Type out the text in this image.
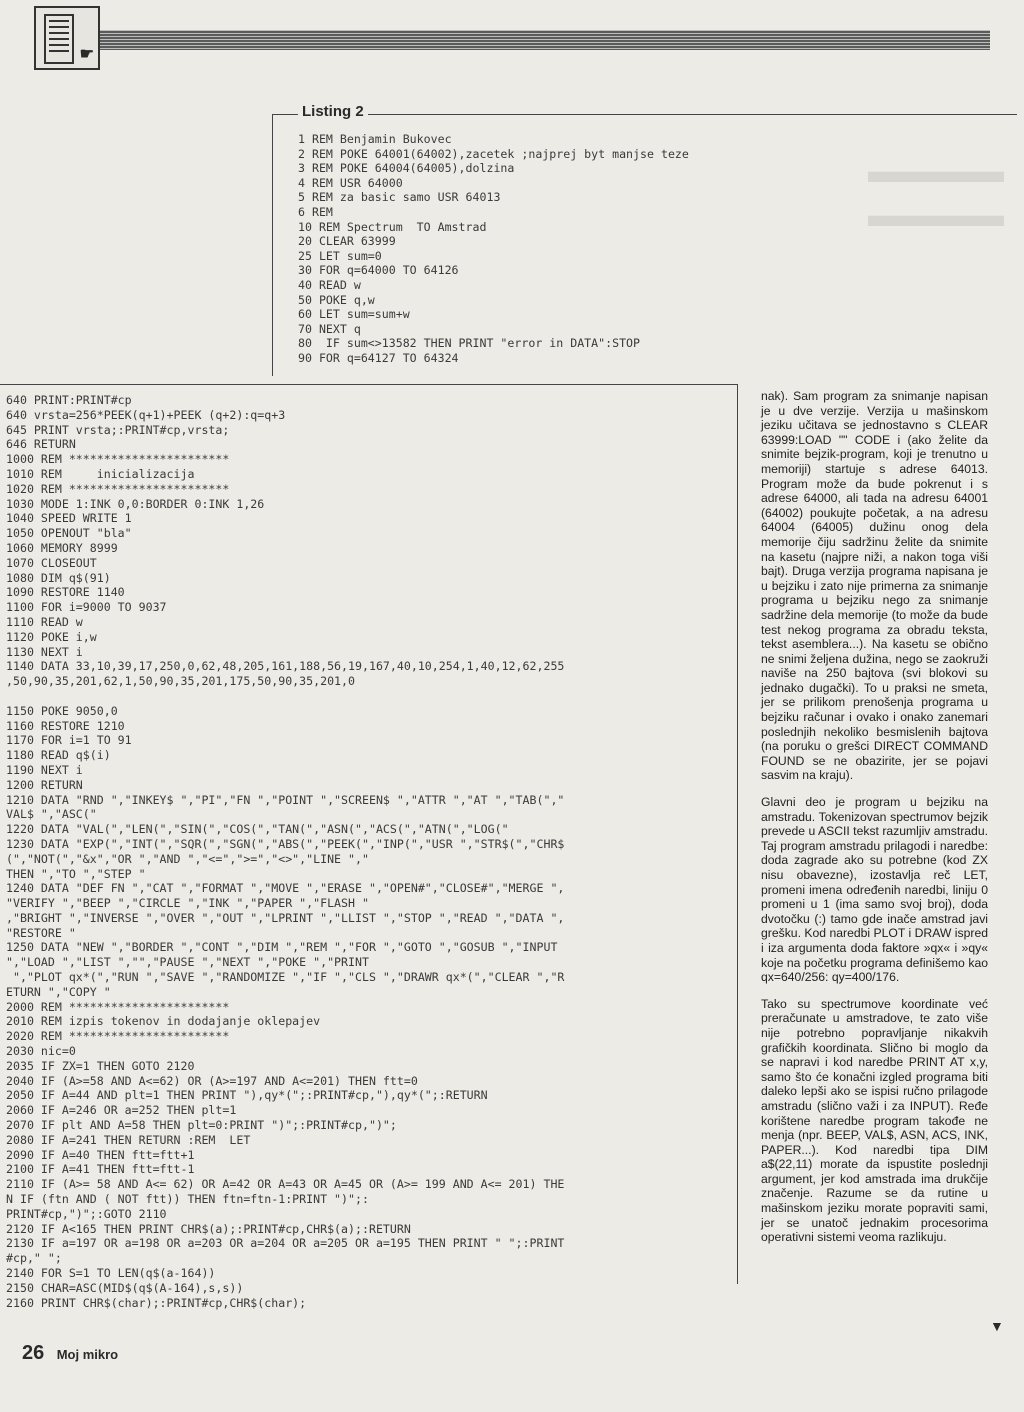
☛
▬▬▬▬
▬▬▬▬
Listing 2
1 REM Benjamin Bukovec
2 REM POKE 64001(64002),zacetek ;najprej byt manjse teze
3 REM POKE 64004(64005),dolzina
4 REM USR 64000
5 REM za basic samo USR 64013
6 REM
10 REM Spectrum  TO Amstrad
20 CLEAR 63999
25 LET sum=0
30 FOR q=64000 TO 64126
40 READ w
50 POKE q,w
60 LET sum=sum+w
70 NEXT q
80  IF sum<>13582 THEN PRINT "error in DATA":STOP
90 FOR q=64127 TO 64324
640 PRINT:PRINT#cp
640 vrsta=256*PEEK(q+1)+PEEK (q+2):q=q+3
645 PRINT vrsta;:PRINT#cp,vrsta;
646 RETURN
1000 REM ***********************
1010 REM     inicializacija
1020 REM ***********************
1030 MODE 1:INK 0,0:BORDER 0:INK 1,26
1040 SPEED WRITE 1
1050 OPENOUT "bla"
1060 MEMORY 8999
1070 CLOSEOUT
1080 DIM q$(91)
1090 RESTORE 1140
1100 FOR i=9000 TO 9037
1110 READ w
1120 POKE i,w
1130 NEXT i
1140 DATA 33,10,39,17,250,0,62,48,205,161,188,56,19,167,40,10,254,1,40,12,62,255
,50,90,35,201,62,1,50,90,35,201,175,50,90,35,201,0

1150 POKE 9050,0
1160 RESTORE 1210
1170 FOR i=1 TO 91
1180 READ q$(i)
1190 NEXT i
1200 RETURN
1210 DATA "RND ","INKEY$ ","PI","FN ","POINT ","SCREEN$ ","ATTR ","AT ","TAB(","
VAL$ ","ASC("
1220 DATA "VAL(","LEN(","SIN(","COS(","TAN(","ASN(","ACS(","ATN(","LOG("
1230 DATA "EXP(","INT(","SQR(","SGN(","ABS(","PEEK(","INP(","USR ","STR$(","CHR$
(","NOT(","&x","OR ","AND ","<=",">=","<>","LINE ","
THEN ","TO ","STEP "
1240 DATA "DEF FN ","CAT ","FORMAT ","MOVE ","ERASE ","OPEN#","CLOSE#","MERGE ",
"VERIFY ","BEEP ","CIRCLE ","INK ","PAPER ","FLASH "
,"BRIGHT ","INVERSE ","OVER ","OUT ","LPRINT ","LLIST ","STOP ","READ ","DATA ",
"RESTORE "
1250 DATA "NEW ","BORDER ","CONT ","DIM ","REM ","FOR ","GOTO ","GOSUB ","INPUT
","LOAD ","LIST ","","PAUSE ","NEXT ","POKE ","PRINT
","PLOT qx*(","RUN ","SAVE ","RANDOMIZE ","IF ","CLS ","DRAWR qx*(","CLEAR ","R
ETURN ","COPY "
2000 REM ***********************
2010 REM izpis tokenov in dodajanje oklepajev
2020 REM ***********************
2030 nic=0
2035 IF ZX=1 THEN GOTO 2120
2040 IF (A>=58 AND A<=62) OR (A>=197 AND A<=201) THEN ftt=0
2050 IF A=44 AND plt=1 THEN PRINT "),qy*(";:PRINT#cp,"),qy*(";:RETURN
2060 IF A=246 OR a=252 THEN plt=1
2070 IF plt AND A=58 THEN plt=0:PRINT ")";:PRINT#cp,")";
2080 IF A=241 THEN RETURN :REM  LET
2090 IF A=40 THEN ftt=ftt+1
2100 IF A=41 THEN ftt=ftt-1
2110 IF (A>= 58 AND A<= 62) OR A=42 OR A=43 OR A=45 OR (A>= 199 AND A<= 201) THE
N IF (ftn AND ( NOT ftt)) THEN ftn=ftn-1:PRINT ")";:
PRINT#cp,")";:GOTO 2110
2120 IF A<165 THEN PRINT CHR$(a);:PRINT#cp,CHR$(a);:RETURN
2130 IF a=197 OR a=198 OR a=203 OR a=204 OR a=205 OR a=195 THEN PRINT " ";:PRINT
#cp," ";
2140 FOR S=1 TO LEN(q$(a-164))
2150 CHAR=ASC(MID$(q$(A-164),s,s))
2160 PRINT CHR$(char);:PRINT#cp,CHR$(char);

nak). Sam program za snimanje napisan je u dve verzije. Verzija u mašinskom jeziku učitava se jednostavno s CLEAR 63999:LOAD "" CODE i (ako želite da snimite bejzik-program, koji je trenutno u memoriji) startuje s adrese 64013. Program može da bude pokrenut i s adrese 64000, ali tada na adresu 64001 (64002) poukujte početak, a na adresu 64004 (64005) dužinu onog dela memorije čiju sadržinu želite da snimite na kasetu (najpre niži, a nakon toga viši bajt). Druga verzija programa napisana je u bejziku i zato nije primerna za snimanje programa u bejziku nego za snimanje sadržine dela memorije (to može da bude test nekog programa za obradu teksta, tekst asemblera...). Na kasetu se obično ne snimi željena dužina, nego se zaokruži naviše na 250 bajtova (svi blokovi su jednako dugački). To u praksi ne smeta, jer se prilikom prenošenja programa u bejziku računar i ovako i onako zanemari poslednjih nekoliko besmislenih bajtova (na poruku o grešci DIRECT COMMAND FOUND se ne obazirite, jer se pojavi sasvim na kraju).

Glavni deo je program u bejziku na amstradu. Tokenizovan spectrumov bejzik prevede u ASCII tekst razumljiv amstradu. Taj program amstradu prilagodi i naredbe: doda zagrade ako su potrebne (kod ZX nisu obavezne), izostavlja reč LET, promeni imena određenih naredbi, liniju 0 promeni u 1 (ima samo svoj broj), doda dvotočku (:) tamo gde inače amstrad javi grešku. Kod naredbi PLOT i DRAW ispred i iza argumenta doda faktore »qx« i »qy« koje na početku programa definišemo kao qx=640/256: qy=400/176.

Tako su spectrumove koordinate već preračunate u amstradove, te zato više nije potrebno popravljanje nikakvih grafičkih koordinata. Slično bi moglo da se napravi i kod naredbe PRINT AT x,y, samo što će konačni izgled programa biti daleko lepši ako se ispisi ručno prilagode amstradu (slično važi i za INPUT). Ređe korištene naredbe program takođe ne menja (npr. BEEP, VAL$, ASN, ACS, INK, PAPER...). Kod naredbi tipa DIM a$(22,11) morate da ispustite poslednji argument, jer kod amstrada ima drukčije značenje. Razume se da rutine u mašinskom jeziku morate popraviti sami, jer se unatoč jednakim procesorima operativni sistemi veoma razlikuju.

▼
26 Moj mikro
